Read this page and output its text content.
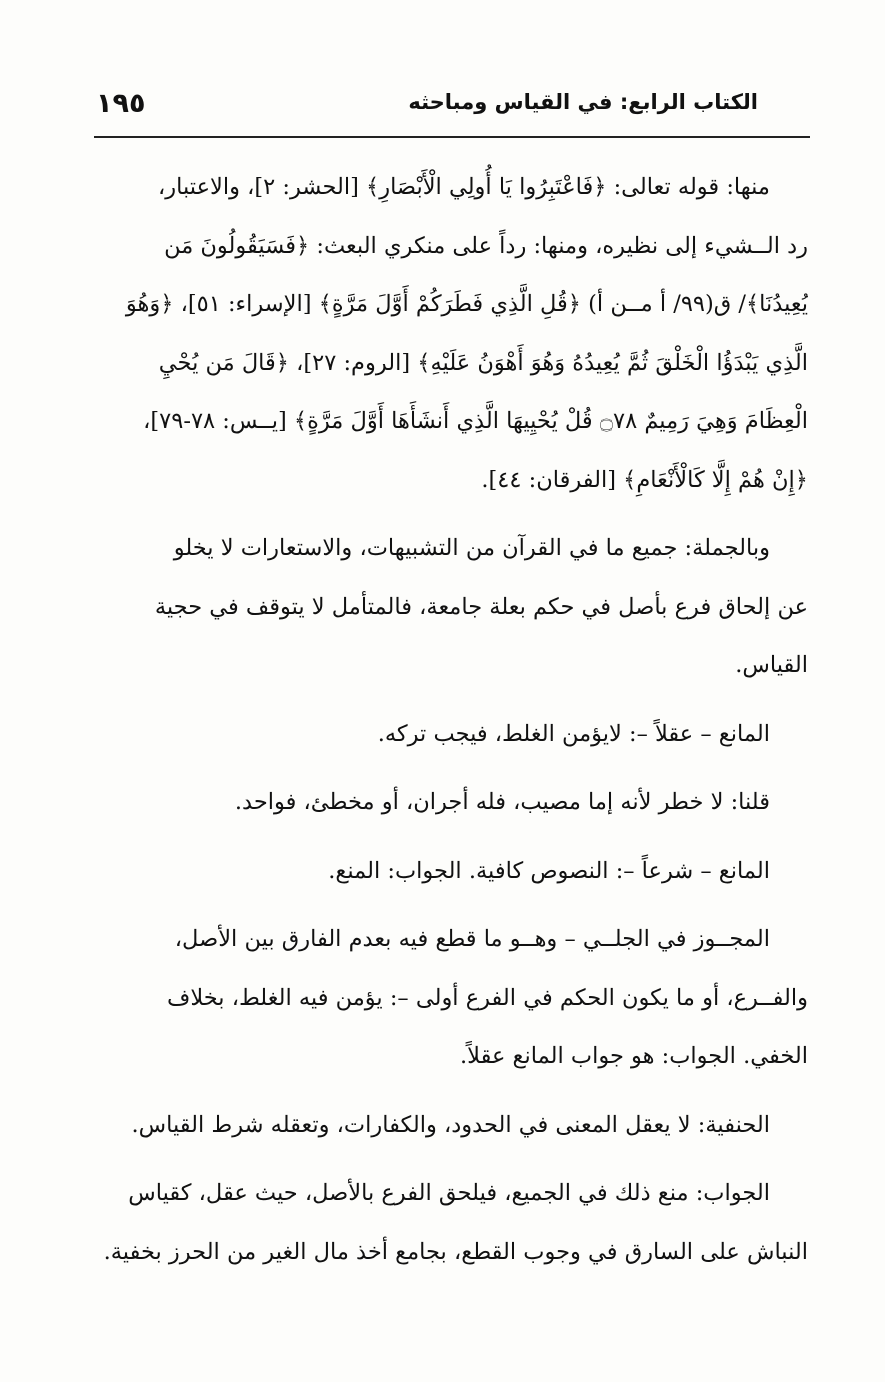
١٩٥	الكتاب الرابع: في القياس ومباحثه
منها: قوله تعالى: ﴿فَاعْتَبِرُوا يَا أُولِي الْأَبْصَارِ﴾ [الحشر: ٢]، والاعتبار،
رد الــشيء إلى نظيره، ومنها: رداً على منكري البعث: ﴿فَسَيَقُولُونَ مَن
يُعِيدُنَا﴾/ ق(٩٩/ أ مــن أ) ﴿قُلِ الَّذِي فَطَرَكُمْ أَوَّلَ مَرَّةٍ﴾ [الإسراء: ٥١]، ﴿وَهُوَ
الَّذِي يَبْدَؤُا الْخَلْقَ ثُمَّ يُعِيدُهُ وَهُوَ أَهْوَنُ عَلَيْهِ﴾ [الروم: ٢٧]، ﴿قَالَ مَن يُحْيِ
الْعِظَامَ وَهِيَ رَمِيمٌ ۝٧٨ قُلْ يُحْيِيهَا الَّذِي أَنشَأَهَا أَوَّلَ مَرَّةٍ﴾ [يــس: ٧٨-٧٩]،
﴿إِنْ هُمْ إِلَّا كَالْأَنْعَامِ﴾ [الفرقان: ٤٤].
وبالجملة: جميع ما في القرآن من التشبيهات، والاستعارات لا يخلو
عن إلحاق فرع بأصل في حكم بعلة جامعة، فالمتأمل لا يتوقف في حجية
القياس.
المانع – عقلاً –: لايؤمن الغلط، فيجب تركه.
قلنا: لا خطر لأنه إما مصيب، فله أجران، أو مخطئ، فواحد.
المانع – شرعاً –: النصوص كافية. الجواب: المنع.
المجــوز في الجلــي – وهــو ما قطع فيه بعدم الفارق بين الأصل،
والفــرع، أو ما يكون الحكم في الفرع أولى –: يؤمن فيه الغلط، بخلاف
الخفي. الجواب: هو جواب المانع عقلاً.
الحنفية: لا يعقل المعنى في الحدود، والكفارات، وتعقله شرط القياس.
الجواب: منع ذلك في الجميع، فيلحق الفرع بالأصل، حيث عقل، كقياس
النباش على السارق في وجوب القطع، بجامع أخذ مال الغير من الحرز بخفية.
